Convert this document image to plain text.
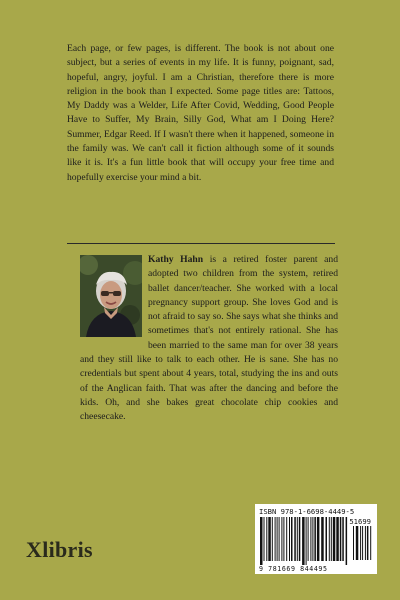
Each page, or few pages, is different. The book is not about one subject, but a series of events in my life. It is funny, poignant, sad, hopeful, angry, joyful. I am a Christian, therefore there is more religion in the book than I expected. Some page titles are: Tattoos, My Daddy was a Welder, Life After Covid, Wedding, Good People Have to Suffer, My Brain, Silly God, What am I Doing Here? Summer, Edgar Reed. If I wasn't there when it happened, someone in the family was. We can't call it fiction although some of it sounds like it is. It's a fun little book that will occupy your free time and hopefully exercise your mind a bit.

Kathy Hahn is a retired foster parent and adopted two children from the system, retired ballet dancer/teacher. She worked with a local pregnancy support group. She loves God and is not afraid to say so. She says what she thinks and sometimes that's not entirely rational. She has been married to the same man for over 38 years and they still like to talk to each other. He is sane. She has no credentials but spent about 4 years, total, studying the ins and outs of the Anglican faith. That was after the dancing and before the kids. Oh, and she bakes great chocolate chip cookies and cheesecake.

Xlibris
ISBN 978-1-6698-4449-5
51699
9 781669 844495
